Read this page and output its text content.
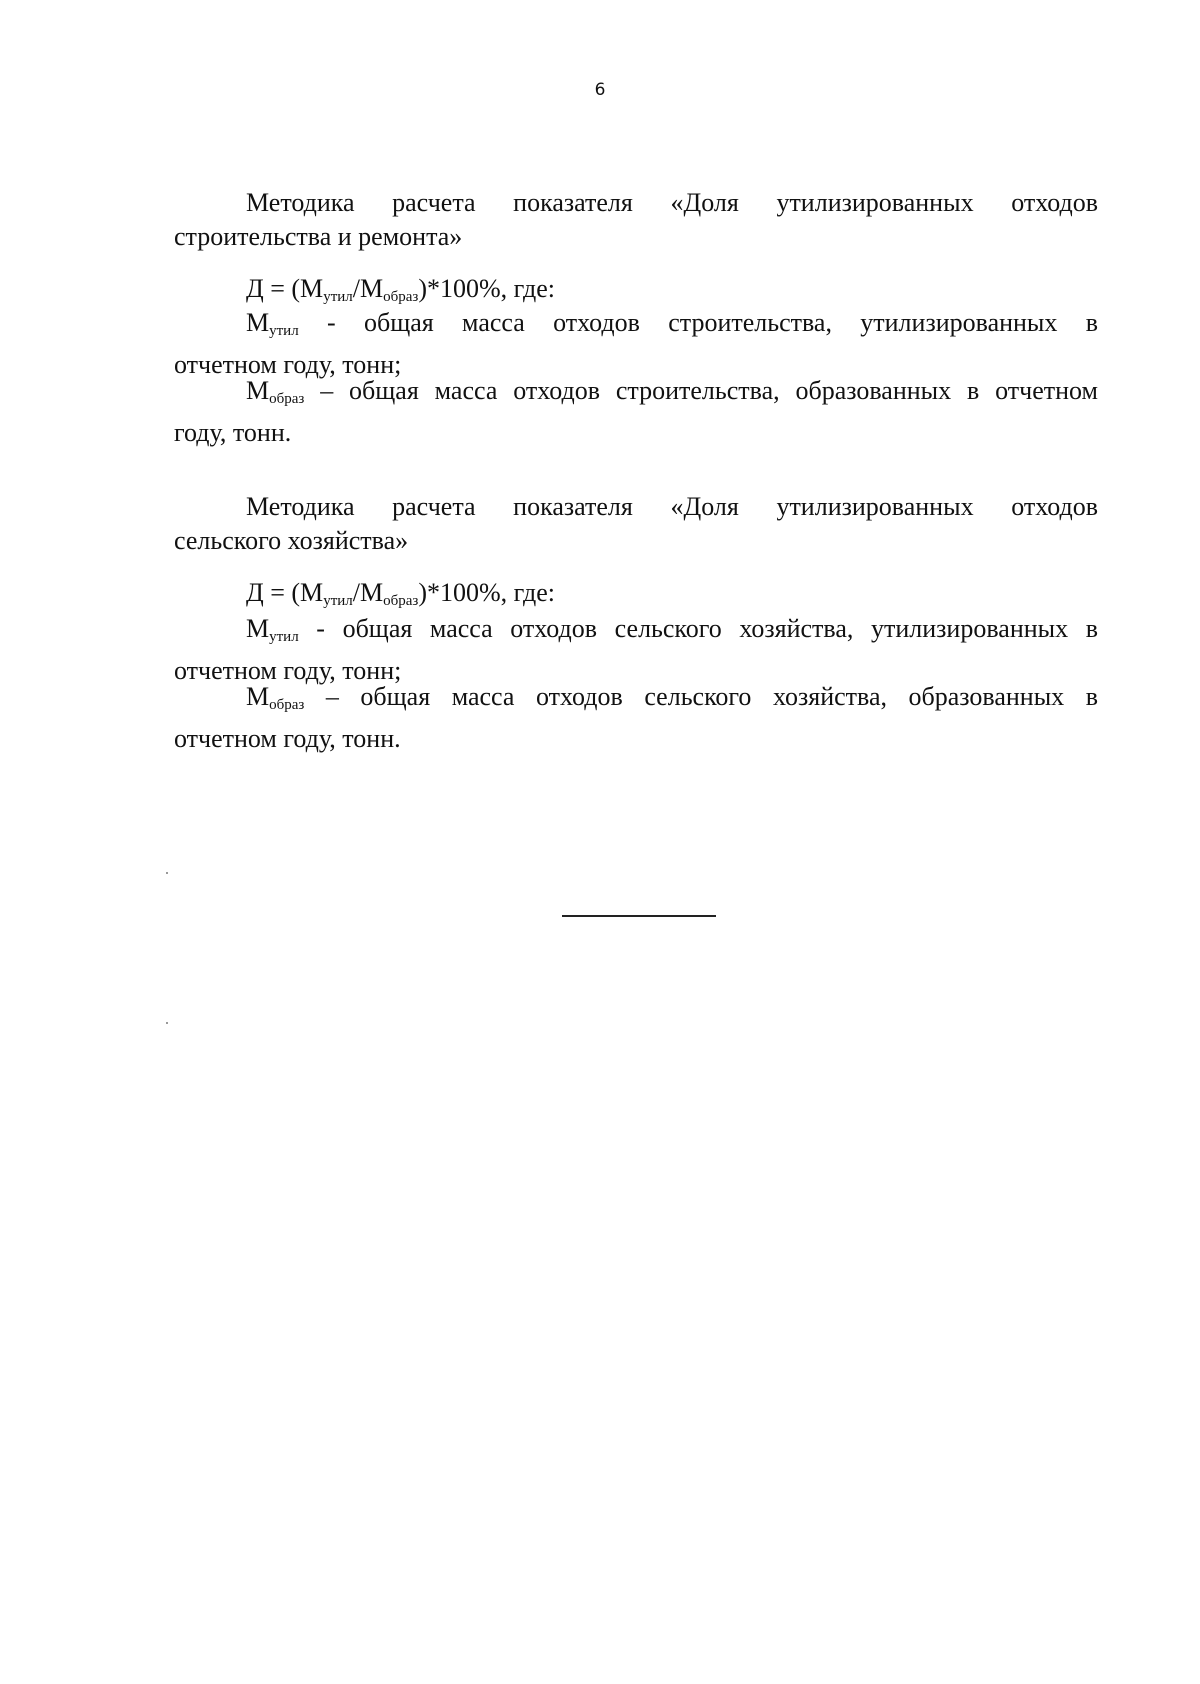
6
Методика расчета показателя «Доля утилизированных отходов
строительства и ремонта»
$Д = (M_{утил}/M_{образ})*100\%$, где:
$M_{утил}$ - общая масса отходов строительства, утилизированных в
отчетном году, тонн;
$M_{образ}$ – общая масса отходов строительства, образованных в отчетном
году, тонн.
Методика расчета показателя «Доля утилизированных отходов
сельского хозяйства»
$Д = (M_{утил}/M_{образ})*100\%$, где:
$M_{утил}$ - общая масса отходов сельского хозяйства, утилизированных в
отчетном году, тонн;
$M_{образ}$ – общая масса отходов сельского хозяйства, образованных в
отчетном году, тонн.
